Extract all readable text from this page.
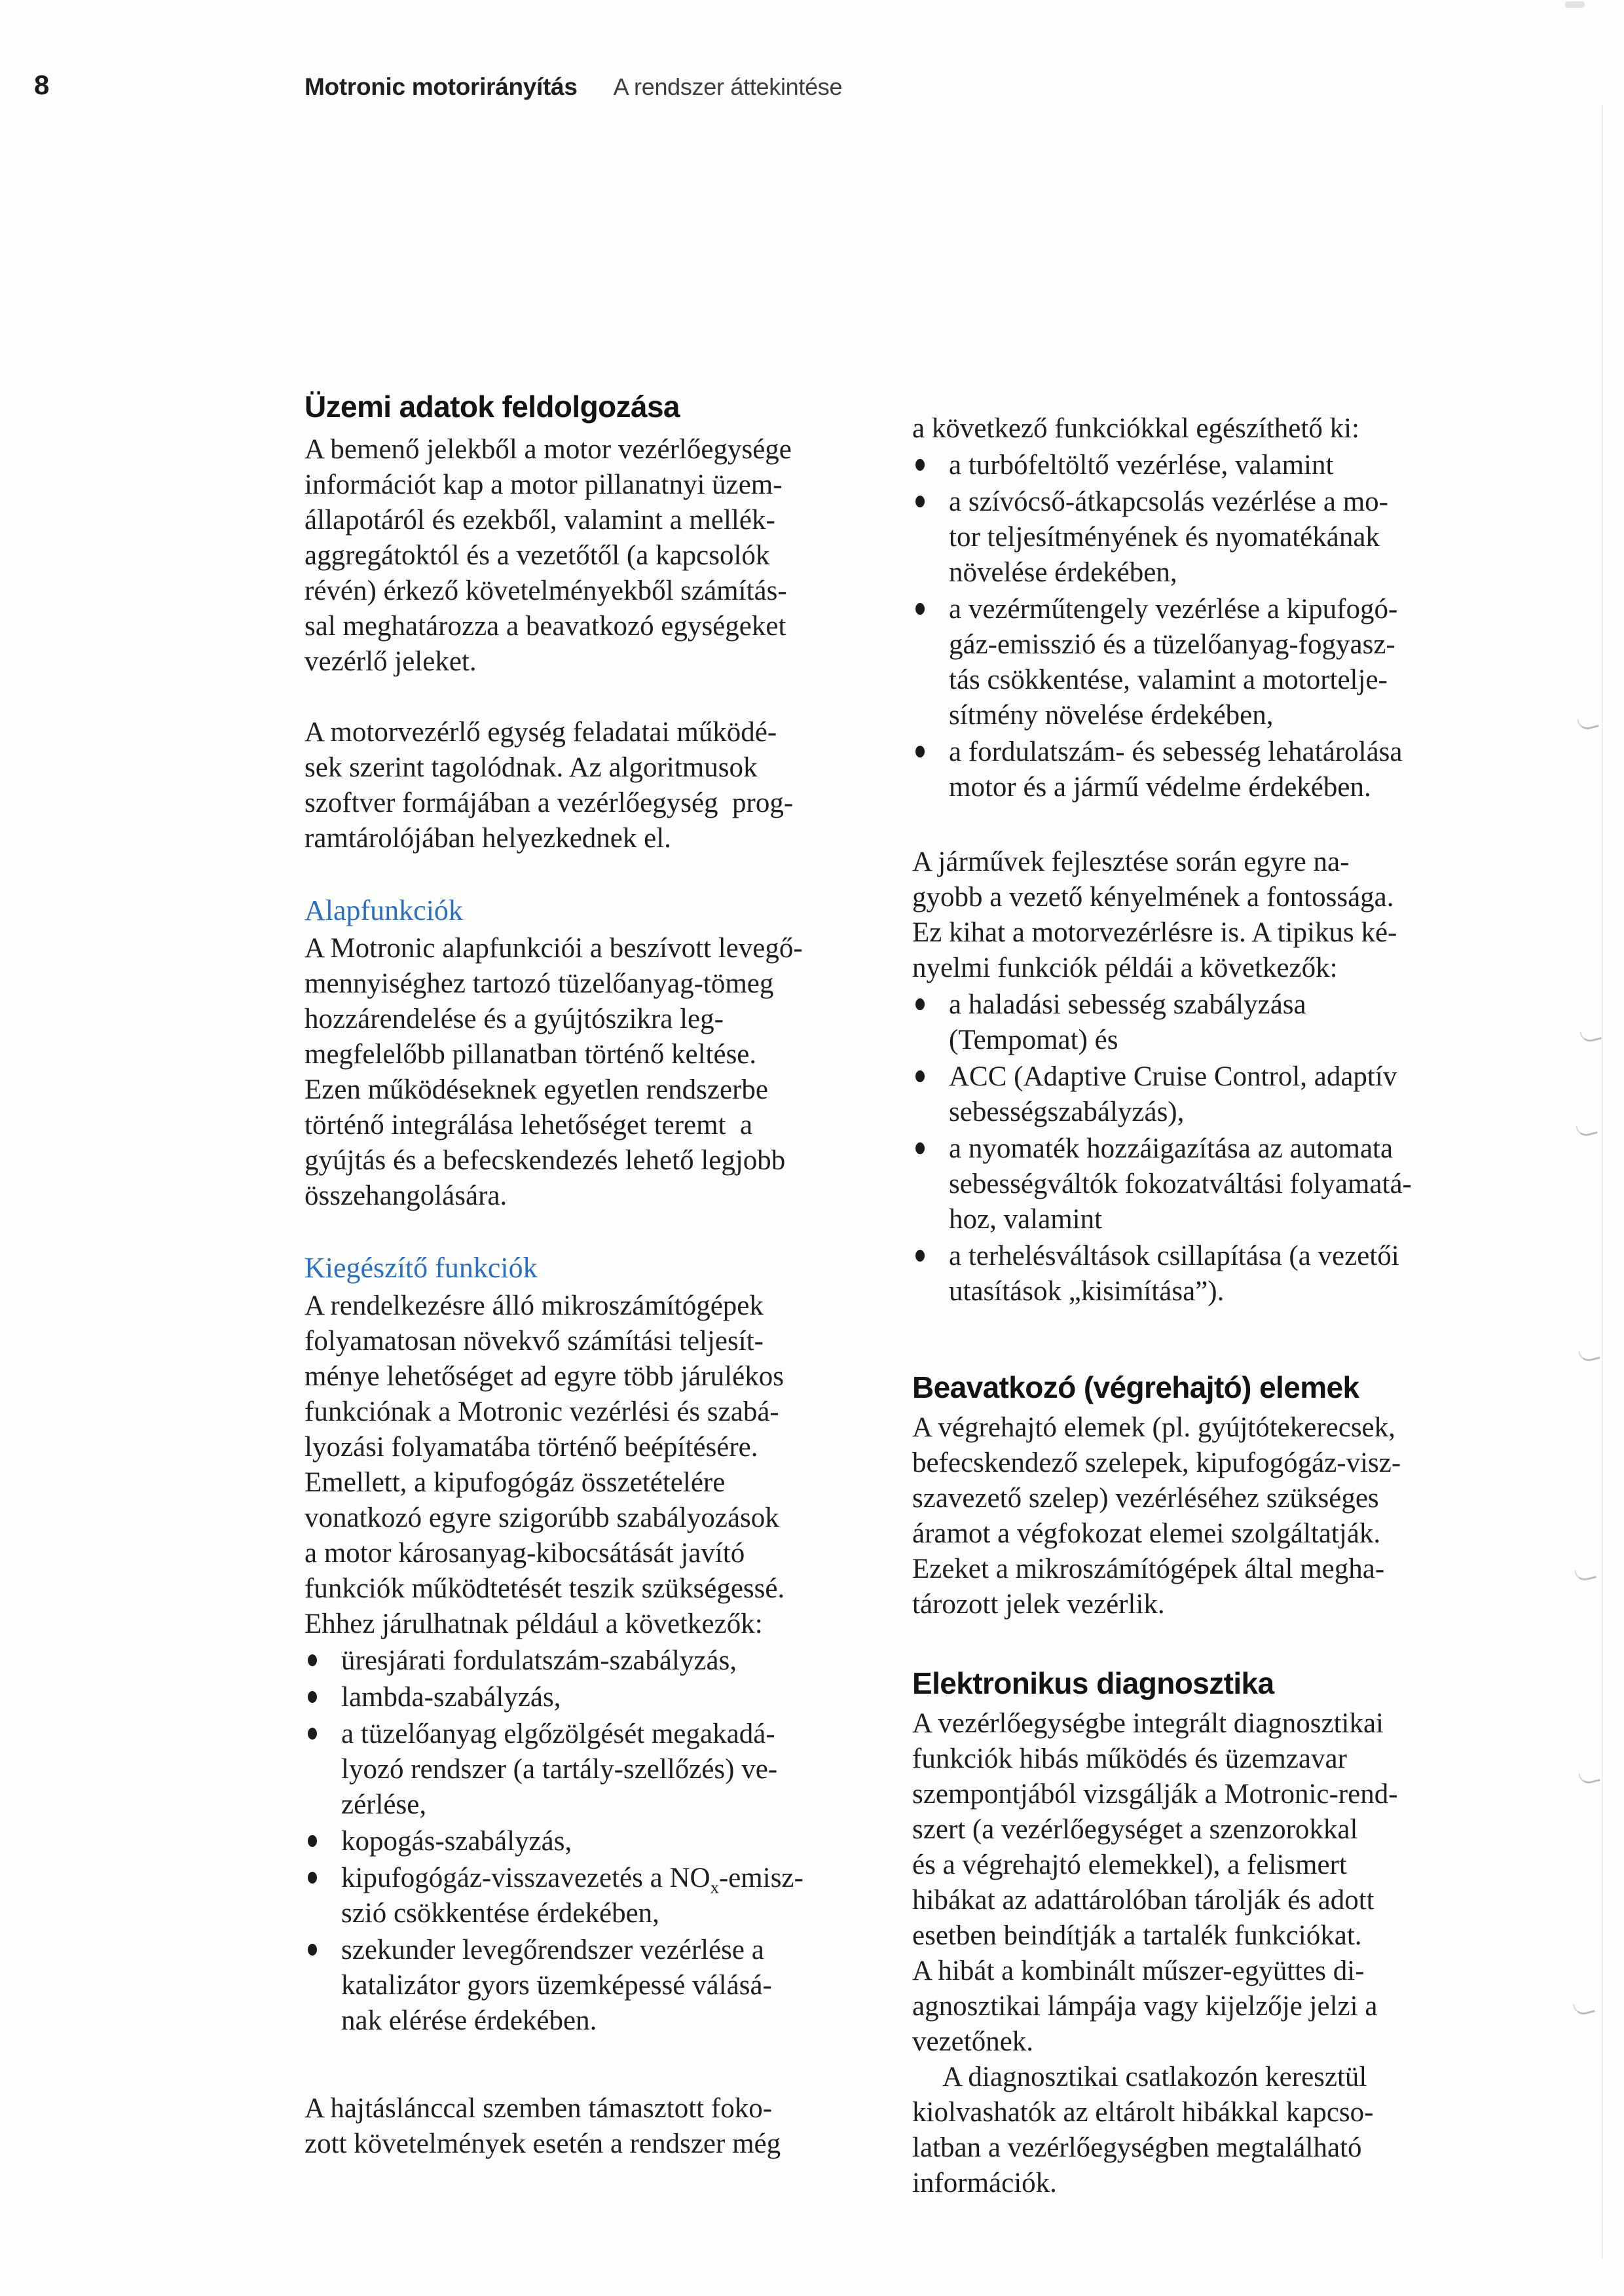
8	Motronic motorirányítás A rendszer áttekintése
Üzemi adatok feldolgozása
A bemenő jelekből a motor vezérlőegysége
információt kap a motor pillanatnyi üzem-
állapotáról és ezekből, valamint a mellék-
aggregátoktól és a vezetőtől (a kapcsolók
révén) érkező követelményekből számítás-
sal meghatározza a beavatkozó egységeket
vezérlő jeleket.
A motorvezérlő egység feladatai működé-
sek szerint tagolódnak. Az algoritmusok
szoftver formájában a vezérlőegység  prog-
ramtárolójában helyezkednek el.
Alapfunkciók
A Motronic alapfunkciói a beszívott levegő-
mennyiséghez tartozó tüzelőanyag-tömeg
hozzárendelése és a gyújtószikra leg-
megfelelőbb pillanatban történő keltése.
Ezen működéseknek egyetlen rendszerbe
történő integrálása lehetőséget teremt  a
gyújtás és a befecskendezés lehető legjobb
összehangolására.
Kiegészítő funkciók
A rendelkezésre álló mikroszámítógépek
folyamatosan növekvő számítási teljesít-
ménye lehetőséget ad egyre több járulékos
funkciónak a Motronic vezérlési és szabá-
lyozási folyamatába történő beépítésére.
Emellett, a kipufogógáz összetételére
vonatkozó egyre szigorúbb szabályozások
a motor károsanyag-kibocsátását javító
funkciók működtetését teszik szükségessé.
Ehhez járulhatnak például a következők:
üresjárati fordulatszám-szabályzás,
lambda-szabályzás,
a tüzelőanyag elgőzölgését megakadá-
lyozó rendszer (a tartály-szellőzés) ve-
zérlése,
kopogás-szabályzás,
kipufogógáz-visszavezetés a $NO_x-emisz-$
szió csökkentése érdekében,
szekunder levegőrendszer vezérlése a
katalizátor gyors üzemképessé válásá-
nak elérése érdekében.
A hajtáslánccal szemben támasztott foko-
zott követelmények esetén a rendszer még
a következő funkciókkal egészíthető ki:
a turbófeltöltő vezérlése, valamint
a szívócső-átkapcsolás vezérlése a mo-
tor teljesítményének és nyomatékának
növelése érdekében,
a vezérműtengely vezérlése a kipufogó-
gáz-emisszió és a tüzelőanyag-fogyasz-
tás csökkentése, valamint a motortelje-
sítmény növelése érdekében,
a fordulatszám- és sebesség lehatárolása
motor és a jármű védelme érdekében.
A járművek fejlesztése során egyre na-
gyobb a vezető kényelmének a fontossága.
Ez kihat a motorvezérlésre is. A tipikus ké-
nyelmi funkciók példái a következők:
a haladási sebesség szabályzása
(Tempomat) és
ACC (Adaptive Cruise Control, adaptív
sebességszabályzás),
a nyomaték hozzáigazítása az automata
sebességváltók fokozatváltási folyamatá-
hoz, valamint
a terhelésváltások csillapítása (a vezetői
utasítások „kisimítása”).
Beavatkozó (végrehajtó) elemek
A végrehajtó elemek (pl. gyújtótekerecsek,
befecskendező szelepek, kipufogógáz-visz-
szavezető szelep) vezérléséhez szükséges
áramot a végfokozat elemei szolgáltatják.
Ezeket a mikroszámítógépek által megha-
tározott jelek vezérlik.
Elektronikus diagnosztika
A vezérlőegységbe integrált diagnosztikai
funkciók hibás működés és üzemzavar
szempontjából vizsgálják a Motronic-rend-
szert (a vezérlőegységet a szenzorokkal
és a végrehajtó elemekkel), a felismert
hibákat az adattárolóban tárolják és adott
esetben beindítják a tartalék funkciókat.
A hibát a kombinált műszer-együttes di-
agnosztikai lámpája vagy kijelzője jelzi a
vezetőnek.
A diagnosztikai csatlakozón keresztül
kiolvashatók az eltárolt hibákkal kapcso-
latban a vezérlőegységben megtalálható
információk.
